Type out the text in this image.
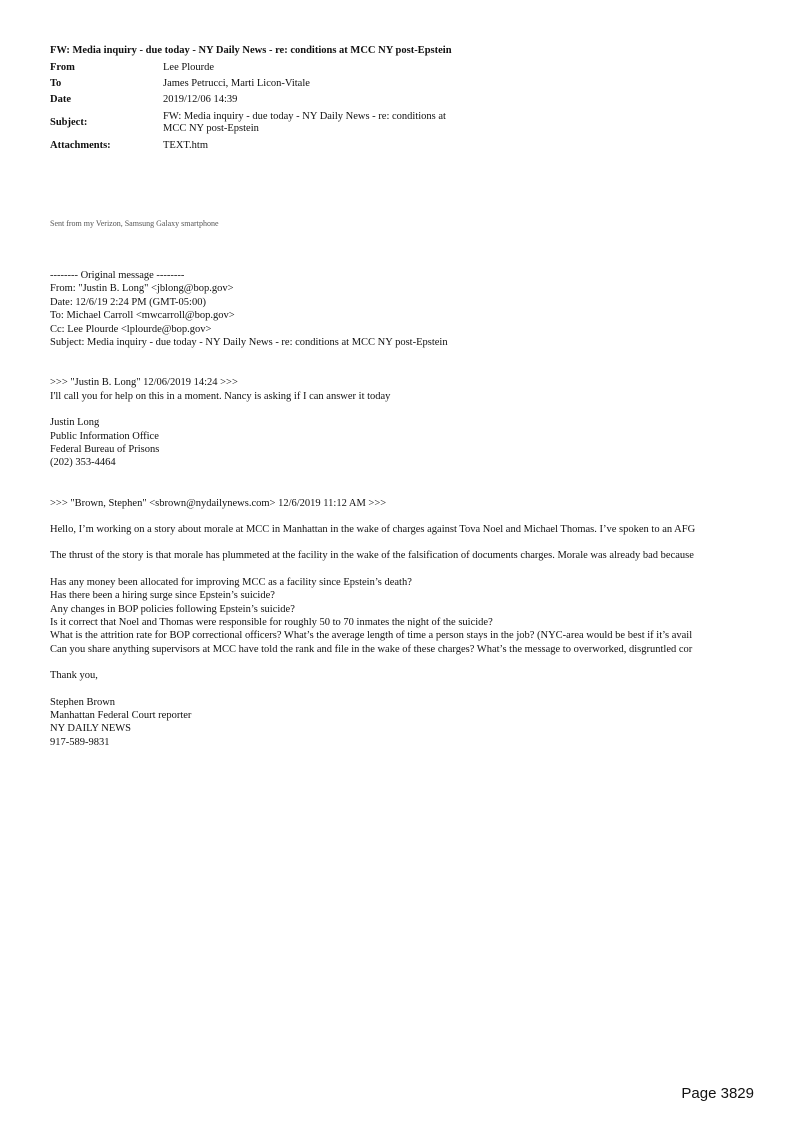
FW: Media inquiry - due today - NY Daily News - re: conditions at MCC NY post-Epstein
From	Lee Plourde
To	James Petrucci, Marti Licon-Vitale
Date	2019/12/06 14:39
Subject:	FW: Media inquiry - due today - NY Daily News - re: conditions at
MCC NY post-Epstein

Attachments:	TEXT.htm
Sent from my Verizon, Samsung Galaxy smartphone
-------- Original message --------
From: "Justin B. Long" <jblong@bop.gov>
Date: 12/6/19 2:24 PM (GMT-05:00)
To: Michael Carroll <mwcarroll@bop.gov>
Cc: Lee Plourde <lplourde@bop.gov>
Subject: Media inquiry - due today - NY Daily News - re: conditions at MCC NY post-Epstein
>>> "Justin B. Long" 12/06/2019 14:24 >>>
I'll call you for help on this in a moment. Nancy is asking if I can answer it today
Justin Long
Public Information Office
Federal Bureau of Prisons
(202) 353-4464
>>> "Brown, Stephen" <sbrown@nydailynews.com> 12/6/2019 11:12 AM >>>
Hello, I’m working on a story about morale at MCC in Manhattan in the wake of charges against Tova Noel and Michael Thomas. I’ve spoken to an AFG
The thrust of the story is that morale has plummeted at the facility in the wake of the falsification of documents charges. Morale was already bad because
Has any money been allocated for improving MCC as a facility since Epstein’s death?
Has there been a hiring surge since Epstein’s suicide?
Any changes in BOP policies following Epstein’s suicide?
Is it correct that Noel and Thomas were responsible for roughly 50 to 70 inmates the night of the suicide?
What is the attrition rate for BOP correctional officers? What’s the average length of time a person stays in the job? (NYC-area would be best if it’s avail
Can you share anything supervisors at MCC have told the rank and file in the wake of these charges? What’s the message to overworked, disgruntled cor
Thank you,
Stephen Brown
Manhattan Federal Court reporter
NY DAILY NEWS
917-589-9831
Page 3829
